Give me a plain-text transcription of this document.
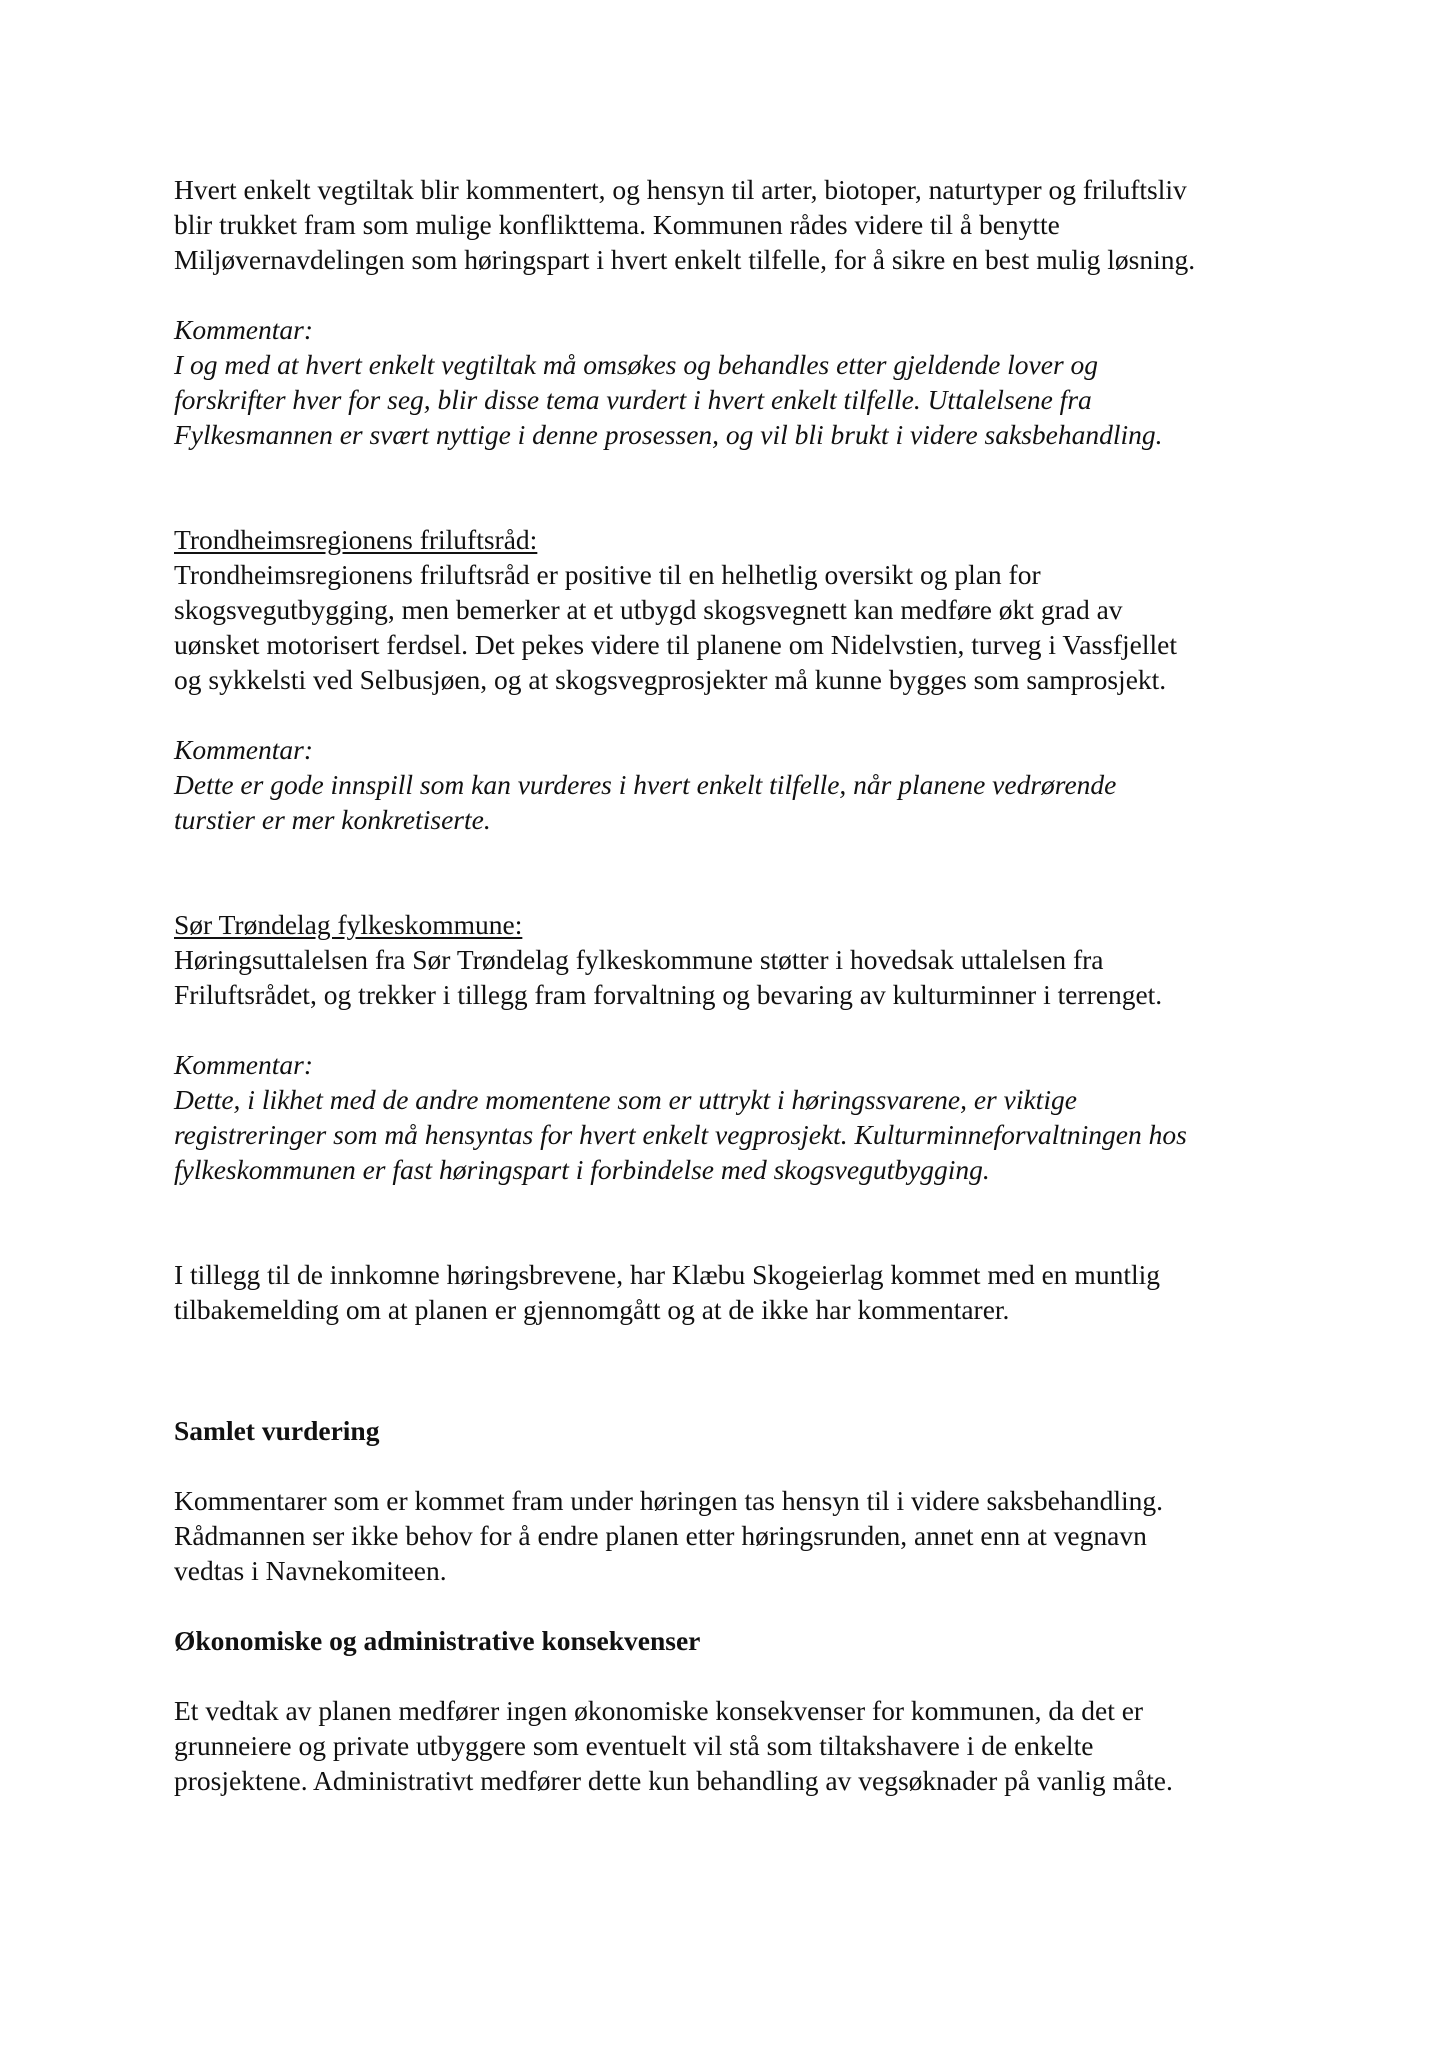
Hvert enkelt vegtiltak blir kommentert, og hensyn til arter, biotoper, naturtyper og friluftsliv
blir trukket fram som mulige konflikttema. Kommunen rådes videre til å benytte
Miljøvernavdelingen som høringspart i hvert enkelt tilfelle, for å sikre en best mulig løsning.

Kommentar:

I og med at hvert enkelt vegtiltak må omsøkes og behandles etter gjeldende lover og
forskrifter hver for seg, blir disse tema vurdert i hvert enkelt tilfelle. Uttalelsene fra
Fylkesmannen er svært nyttige i denne prosessen, og vil bli brukt i videre saksbehandling.

Trondheimsregionens friluftsråd:

Trondheimsregionens friluftsråd er positive til en helhetlig oversikt og plan for
skogsvegutbygging, men bemerker at et utbygd skogsvegnett kan medføre økt grad av
uønsket motorisert ferdsel. Det pekes videre til planene om Nidelvstien, turveg i Vassfjellet
og sykkelsti ved Selbusjøen, og at skogsvegprosjekter må kunne bygges som samprosjekt.

Kommentar:

Dette er gode innspill som kan vurderes i hvert enkelt tilfelle, når planene vedrørende
turstier er mer konkretiserte.

Sør Trøndelag fylkeskommune:

Høringsuttalelsen fra Sør Trøndelag fylkeskommune støtter i hovedsak uttalelsen fra
Friluftsrådet, og trekker i tillegg fram forvaltning og bevaring av kulturminner i terrenget.

Kommentar:

Dette, i likhet med de andre momentene som er uttrykt i høringssvarene, er viktige
registreringer som må hensyntas for hvert enkelt vegprosjekt. Kulturminneforvaltningen hos
fylkeskommunen er fast høringspart i forbindelse med skogsvegutbygging.

I tillegg til de innkomne høringsbrevene, har Klæbu Skogeierlag kommet med en muntlig
tilbakemelding om at planen er gjennomgått og at de ikke har kommentarer.

Samlet vurdering

Kommentarer som er kommet fram under høringen tas hensyn til i videre saksbehandling.
Rådmannen ser ikke behov for å endre planen etter høringsrunden, annet enn at vegnavn
vedtas i Navnekomiteen.

Økonomiske og administrative konsekvenser

Et vedtak av planen medfører ingen økonomiske konsekvenser for kommunen, da det er
grunneiere og private utbyggere som eventuelt vil stå som tiltakshavere i de enkelte
prosjektene. Administrativt medfører dette kun behandling av vegsøknader på vanlig måte.
